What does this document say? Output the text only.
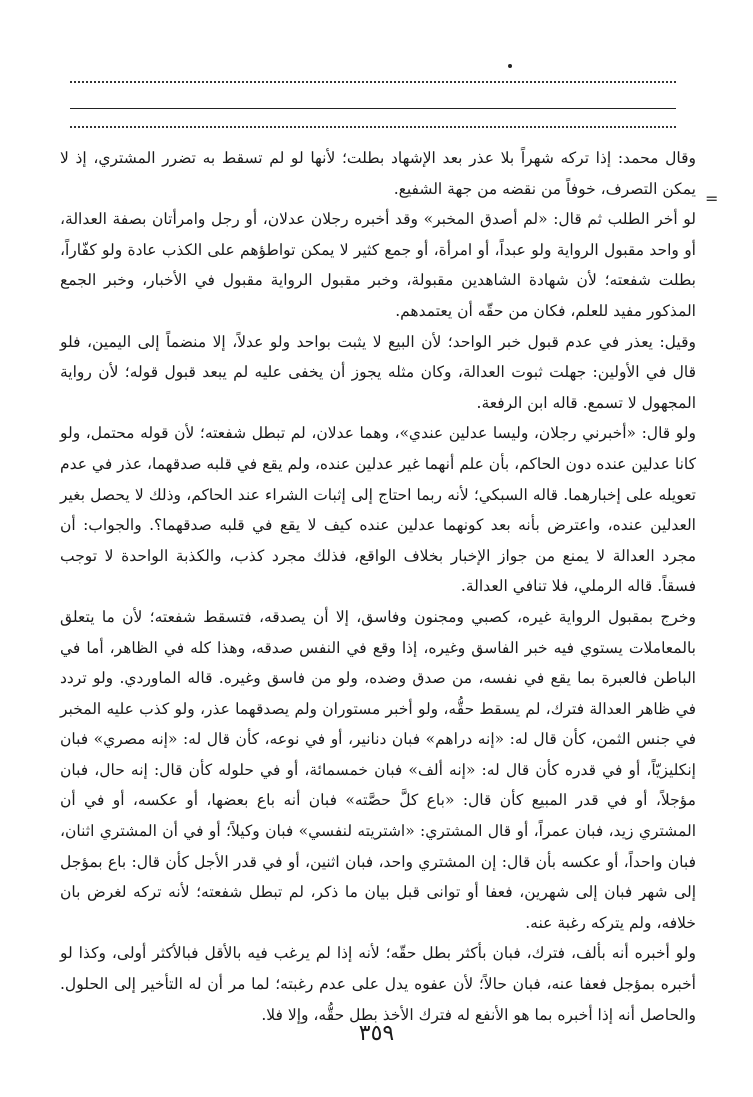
=

وقال محمد: إذا تركه شهراً بلا عذر بعد الإشهاد بطلت؛ لأنها لو لم تسقط به تضرر المشتري، إذ لا يمكن التصرف، خوفاً من نقضه من جهة الشفيع.

لو أخر الطلب ثم قال: «لم أصدق المخبر» وقد أخبره رجلان عدلان، أو رجل وامرأتان بصفة العدالة، أو واحد مقبول الرواية ولو عبداً، أو امرأة، أو جمع كثير لا يمكن تواطؤهم على الكذب عادة ولو كفّاراً، بطلت شفعته؛ لأن شهادة الشاهدين مقبولة، وخبر مقبول الرواية مقبول في الأخبار، وخبر الجمع المذكور مفيد للعلم، فكان من حقّه أن يعتمدهم.

وقيل: يعذر في عدم قبول خبر الواحد؛ لأن البيع لا يثبت بواحد ولو عدلاً، إلا منضماً إلى اليمين، فلو قال في الأولين: جهلت ثبوت العدالة، وكان مثله يجوز أن يخفى عليه لم يبعد قبول قوله؛ لأن رواية المجهول لا تسمع. قاله ابن الرفعة.

ولو قال: «أخبرني رجلان، وليسا عدلين عندي»، وهما عدلان، لم تبطل شفعته؛ لأن قوله محتمل، ولو كانا عدلين عنده دون الحاكم، بأن علم أنهما غير عدلين عنده، ولم يقع في قلبه صدقهما، عذر في عدم تعويله على إخبارهما. قاله السبكي؛ لأنه ربما احتاج إلى إثبات الشراء عند الحاكم، وذلك لا يحصل بغير العدلين عنده، واعترض بأنه بعد كونهما عدلين عنده كيف لا يقع في قلبه صدقهما؟. والجواب: أن مجرد العدالة لا يمنع من جواز الإخبار بخلاف الواقع، فذلك مجرد كذب، والكذبة الواحدة لا توجب فسقاً. قاله الرملي، فلا تنافي العدالة.

وخرج بمقبول الرواية غيره، كصبي ومجنون وفاسق، إلا أن يصدقه، فتسقط شفعته؛ لأن ما يتعلق بالمعاملات يستوي فيه خبر الفاسق وغيره، إذا وقع في النفس صدقه، وهذا كله في الظاهر، أما في الباطن فالعبرة بما يقع في نفسه، من صدق وضده، ولو من فاسق وغيره. قاله الماوردي. ولو تردد في ظاهر العدالة فترك، لم يسقط حقُّه، ولو أخبر مستوران ولم يصدقهما عذر، ولو كذب عليه المخبر في جنس الثمن، كأن قال له: «إنه دراهم» فبان دنانير، أو في نوعه، كأن قال له: «إنه مصري» فبان إنكليزيّاً، أو في قدره كأن قال له: «إنه ألف» فبان خمسمائة، أو في حلوله كأن قال: إنه حال، فبان مؤجلاً، أو في قدر المبيع كأن قال: «باع كلَّ حصَّته» فبان أنه باع بعضها، أو عكسه، أو في أن المشتري زيد، فبان عمراً، أو قال المشتري: «اشتريته لنفسي» فبان وكيلاً؛ أو في أن المشتري اثنان، فبان واحداً، أو عكسه بأن قال: إن المشتري واحد، فبان اثنين، أو في قدر الأجل كأن قال: باع بمؤجل إلى شهر فبان إلى شهرين، فعفا أو توانى قبل بيان ما ذكر، لم تبطل شفعته؛ لأنه تركه لغرض بان خلافه، ولم يتركه رغبة عنه.

ولو أخبره أنه بألف، فترك، فبان بأكثر بطل حقّه؛ لأنه إذا لم يرغب فيه بالأقل فبالأكثر أولى، وكذا لو أخبره بمؤجل فعفا عنه، فبان حالاً؛ لأن عفوه يدل على عدم رغبته؛ لما مر أن له التأخير إلى الحلول. والحاصل أنه إذا أخبره بما هو الأنفع له فترك الأخذ بطل حقُّه، وإلا فلا.

٣٥٩
